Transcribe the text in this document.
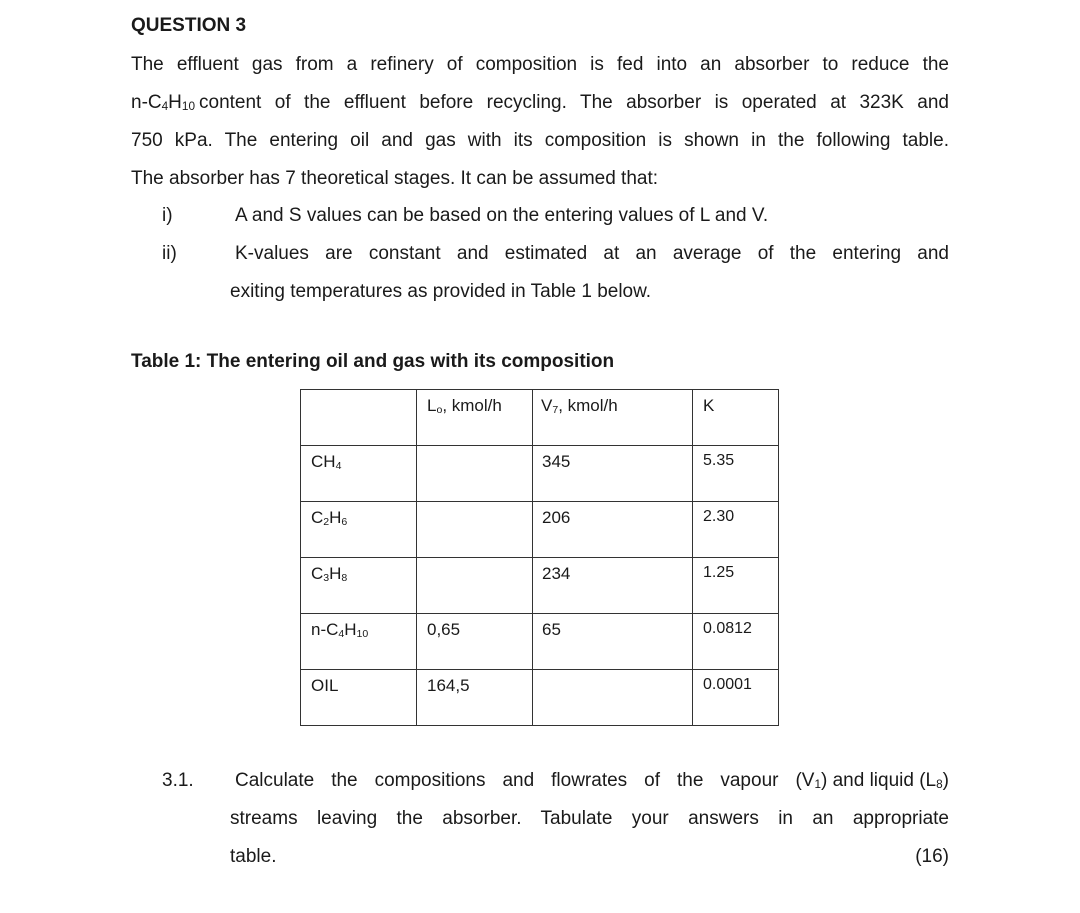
QUESTION 3
The effluent gas from a refinery of composition is fed into an absorber to reduce the
$n-C_4H_{10}$ content of the effluent before recycling. The absorber is operated at 323K and
750 kPa. The entering oil and gas with its composition is shown in the following table.
The absorber has 7 theoretical stages. It can be assumed that:
i)	A and S values can be based on the entering values of L and V.
ii)	K-values are constant and estimated at an average of the entering and
exiting temperatures as provided in Table 1 below.
Table 1: The entering oil and gas with its composition

	$L_o$, kmol/h	$V_7$, kmol/h	K

$CH_4$		345	5.35

$C_2H_6$		206	2.30

$C_3H_8$		234	1.25

$n-C_4H_{10}$	0,65	65	0.0812

OIL	164,5		0.0001
3.1. Calculate the compositions and flowrates of the vapour (V $_1$) and liquid $(L_8)$
streams leaving the absorber. Tabulate your answers in an appropriate
table.	(16)
